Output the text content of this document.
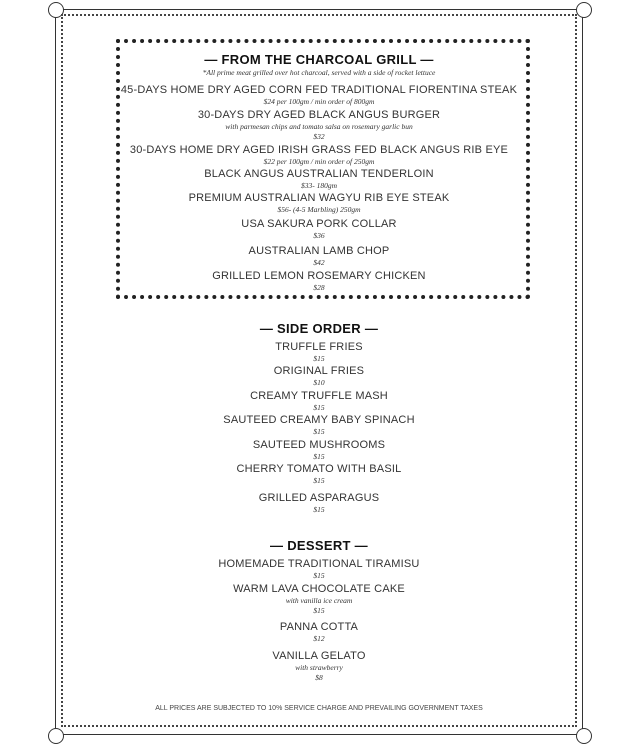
— FROM THE CHARCOAL GRILL —
*All prime meat grilled over hot charcoal, served with a side of rocket lettuce
— SIDE ORDER —
— DESSERT —
ALL PRICES ARE SUBJECTED TO 10% SERVICE CHARGE AND PREVAILING GOVERNMENT TAXES
45-DAYS HOME DRY AGED CORN FED TRADITIONAL FIORENTINA STEAK
$24 per 100gm / min order of 800gm
30-DAYS DRY AGED BLACK ANGUS BURGER
with parmesan chips and tomato salsa on rosemary garlic bun
$32
30-DAYS HOME DRY AGED IRISH GRASS FED BLACK ANGUS RIB EYE
$22 per 100gm / min order of 250gm
BLACK ANGUS AUSTRALIAN TENDERLOIN
$33- 180gm
PREMIUM AUSTRALIAN WAGYU RIB EYE STEAK
$56- (4-5 Marbling) 250gm
USA SAKURA PORK COLLAR
$36
AUSTRALIAN LAMB CHOP
$42
GRILLED LEMON ROSEMARY CHICKEN
$28
TRUFFLE FRIES
$15
ORIGINAL FRIES
$10
CREAMY TRUFFLE MASH
$15
SAUTEED CREAMY BABY SPINACH
$15
SAUTEED MUSHROOMS
$15
CHERRY TOMATO WITH BASIL
$15
GRILLED ASPARAGUS
$15
HOMEMADE TRADITIONAL TIRAMISU
$15
WARM LAVA CHOCOLATE CAKE
with vanilla ice cream
$15
PANNA COTTA
$12
VANILLA GELATO
with strawberry
$8
